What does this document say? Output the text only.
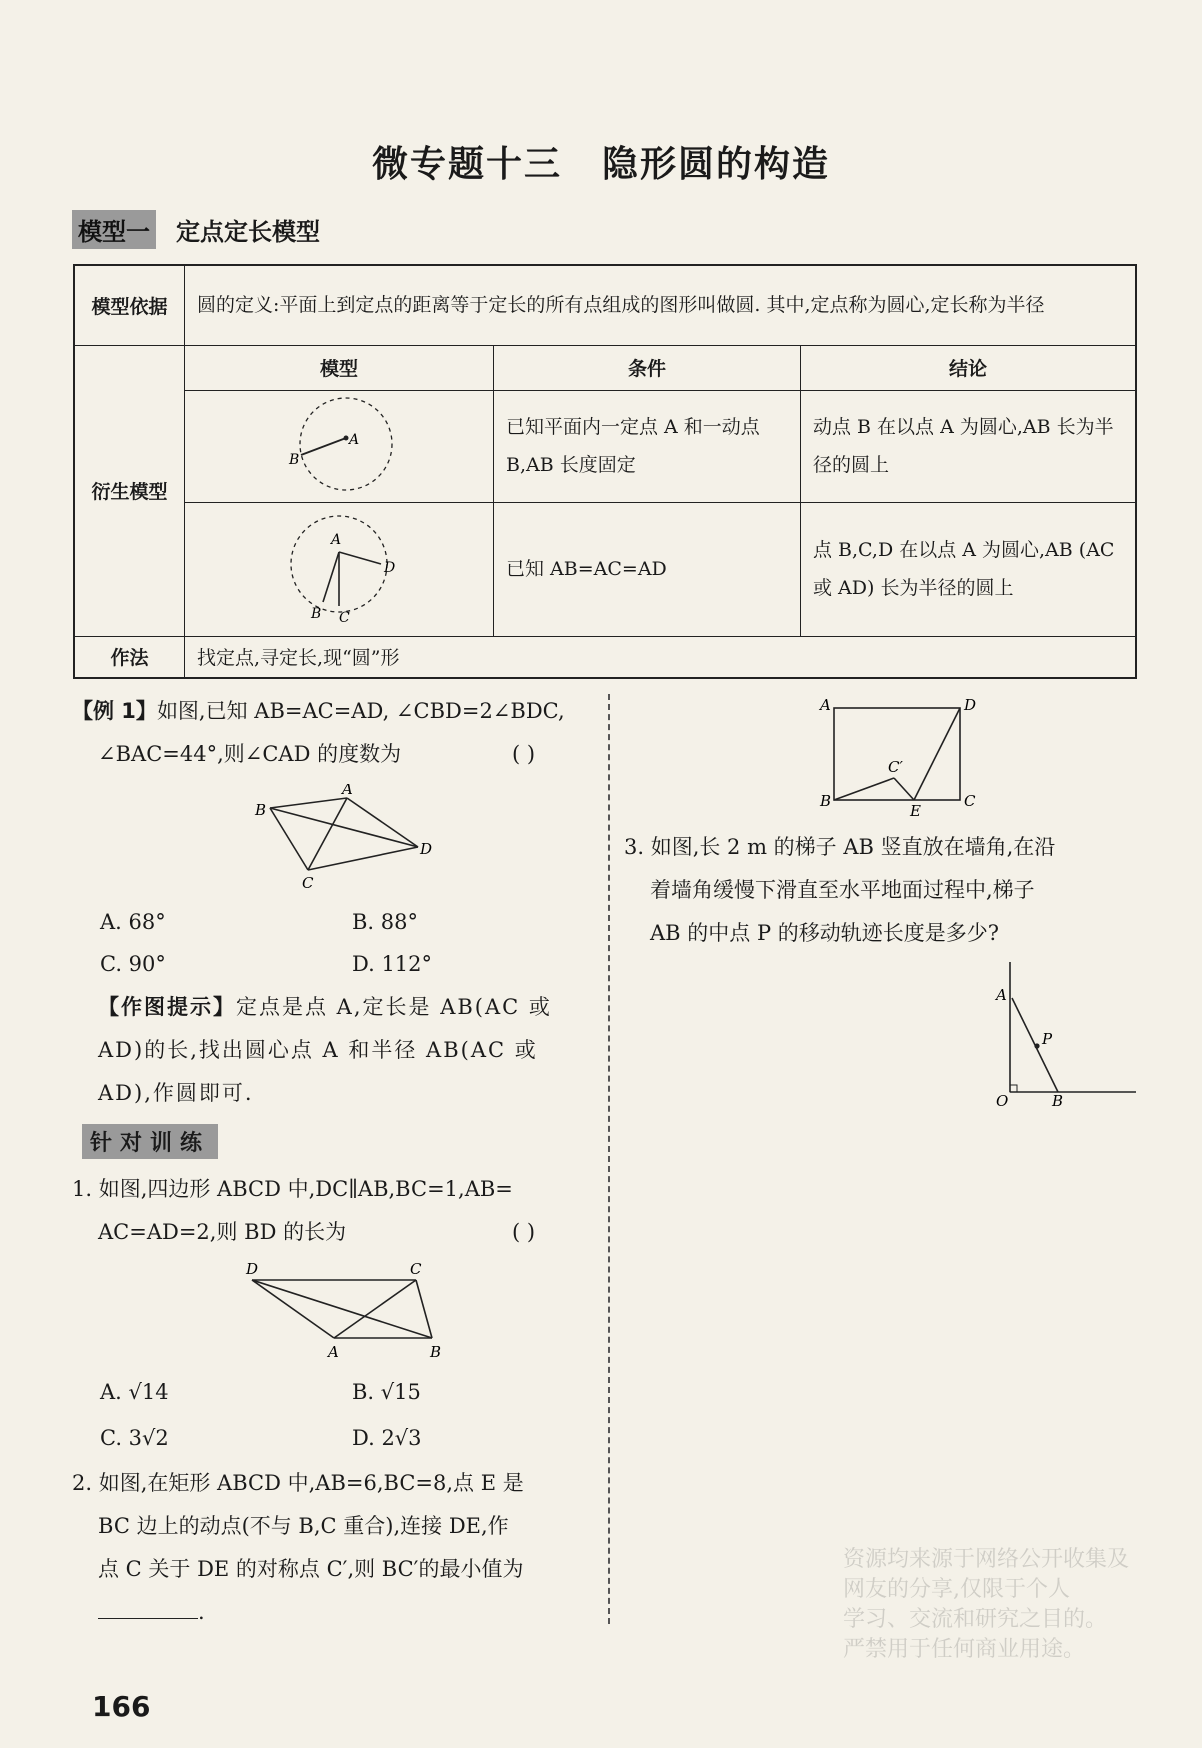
微专题十三 隐形圆的构造
模型一 定点定长模型
模型依据	圆的定义:平面上到定点的距离等于定长的所有点组成的图形叫做圆. 其中,定点称为圆心,定长称为半径		
衍生模型	模型	条件	结论

A
B	已知平面内一定点 A 和一动点 B,AB 长度固定	动点 B 在以点 A 为圆心,AB 长为半径的圆上

A
D
B C	已知 AB=AC=AD	点 B,C,D 在以点 A 为圆心,AB (AC 或 AD) 长为半径的圆上
作法	找定点,寻定长,现“圆”形		
【例 1】如图,已知 AB=AC=AD, ∠CBD=2∠BDC,
∠BAC=44°,则∠CAD 的度数为	( )
A
B
D
C
A. 68°	B. 88°
C. 90°	D. 112°
【作图提示】定点是点 A,定长是 AB(AC 或
AD)的长,找出圆心点 A 和半径 AB(AC 或
AD),作圆即可.
针对训练
1. 如图,四边形 ABCD 中,DC∥AB,BC=1,AB=
AC=AD=2,则 BD 的长为	( )
D	C
A	B
A. √14	B. √15
C. 3√2	D. 2√3
2. 如图,在矩形 ABCD 中,AB=6,BC=8,点 E 是
BC 边上的动点(不与 B,C 重合),连接 DE,作
点 C 关于 DE 的对称点 C′,则 BC′的最小值为
.
A	D
C′
B
E
C
3. 如图,长 2 m 的梯子 AB 竖直放在墙角,在沿
着墙角缓慢下滑直至水平地面过程中,梯子
AB 的中点 P 的移动轨迹长度是多少?
A
P
O	B
资源均来源于网络公开收集及
网友的分享,仅限于个人
学习、交流和研究之目的。
严禁用于任何商业用途。
166
